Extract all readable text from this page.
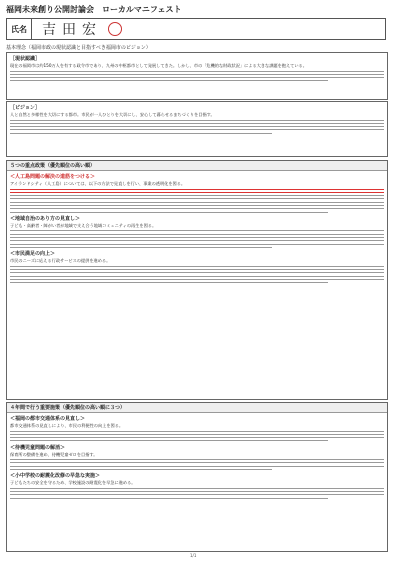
福岡未来創り公開討論会　ローカルマニフェスト
氏名	吉田宏
基本理念（福岡市政の現状認識と目指すべき福岡市のビジョン）
［現状認識］
現在の福岡市は約150万人を有する政令市であり、九州の中枢都市として発展してきた。しかし、市の「危機的な財政状況」による大きな課題を抱えている。
［ビジョン］
人と自然と多様性を大切にする都市。市民が一人ひとりを大切にし、安心して暮らせるまちづくりを目指す。
５つの重点政策（優先順位の高い順）
＜人工島問題の解決の道筋をつける＞
アイランドシティ（人工島）については、以下の方法で見直しを行い、事業の透明化を図る。
＜地域自治のあり方の見直し＞
子ども・高齢者・障がい者が地域で支え合う地域コミュニティの再生を図る。
＜市民満足の向上＞
市民のニーズに応える行政サービスの提供を進める。
４年間で行う重要施策（優先順位の高い順に３つ）
＜福岡の都市交通体系の見直し＞
都市交通体系の見直しにより、市民の利便性の向上を図る。
＜待機児童問題の解消＞
保育所の整備を進め、待機児童ゼロを目指す。
＜小中学校の耐震化改修の早急な実施＞
子どもたちの安全を守るため、学校施設の耐震化を早急に進める。
1/1
